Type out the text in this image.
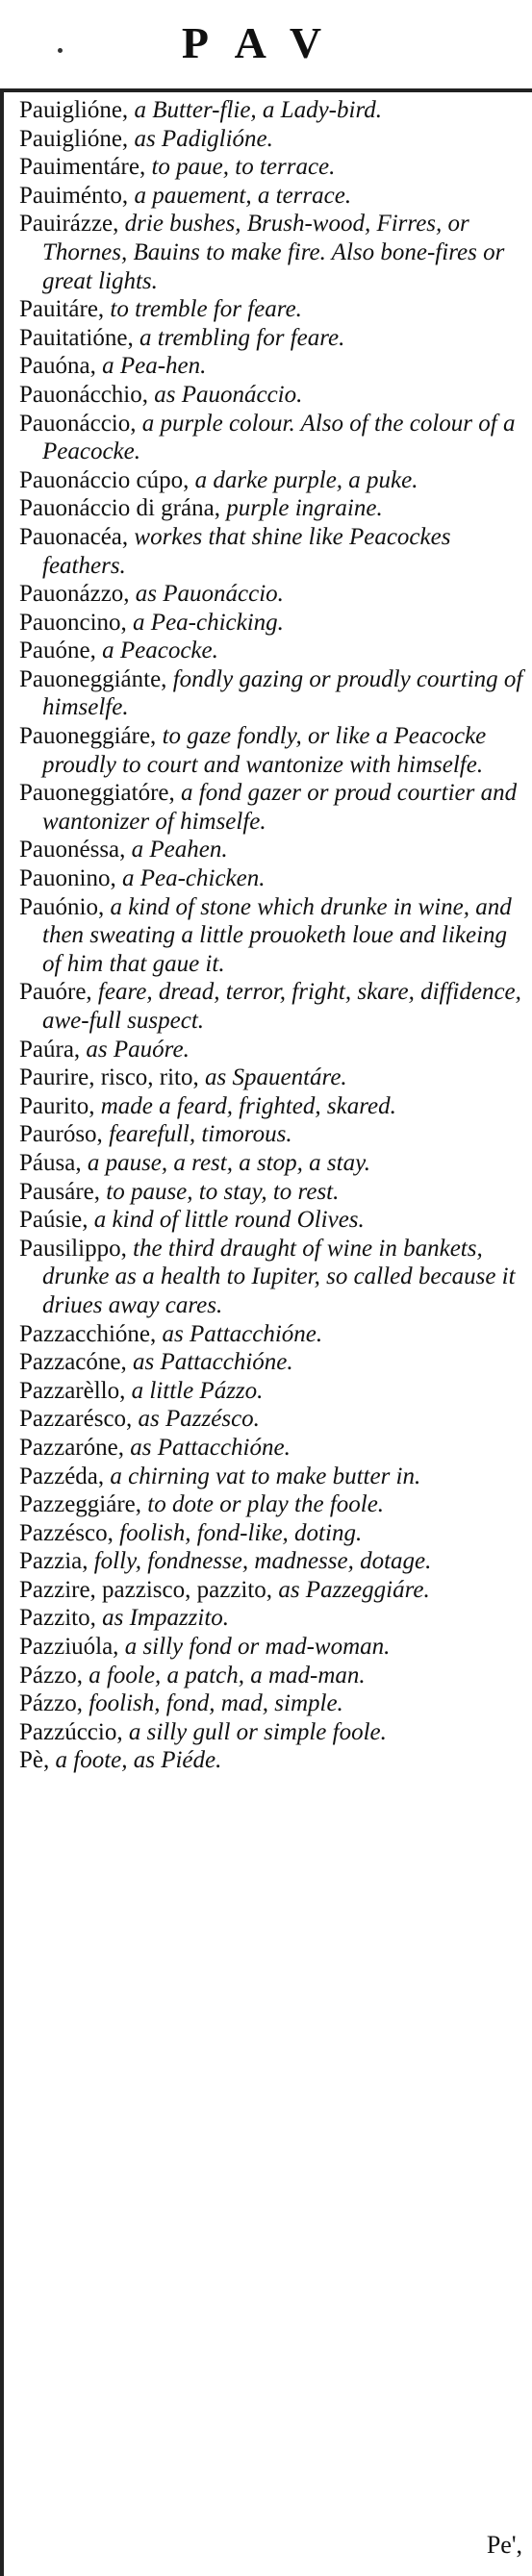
PAV
Pauiglióne, a Butter-flie, a Lady-bird.
Pauiglióne, as Padiglióne.
Pauimentáre, to paue, to terrace.
Pauiménto, a pauement, a terrace.
Pauirázze, drie bushes, Brush-wood, Firres, or Thornes, Bauins to make fire. Also bone-fires or great lights.
Pauitáre, to tremble for feare.
Pauitatióne, a trembling for feare.
Pauóna, a Pea-hen.
Pauonácchio, as Pauonáccio.
Pauonáccio, a purple colour. Also of the colour of a Peacocke.
Pauonáccio cúpo, a darke purple, a puke.
Pauonáccio di grána, purple ingraine.
Pauonacéa, workes that shine like Peacockes feathers.
Pauonázzo, as Pauonáccio.
Pauoncino, a Pea-chicking.
Pauóne, a Peacocke.
Pauoneggiánte, fondly gazing or proudly courting of himselfe.
Pauoneggiáre, to gaze fondly, or like a Peacocke proudly to court and wantonize with himselfe.
Pauoneggiatóre, a fond gazer or proud courtier and wantonizer of himselfe.
Pauonéssa, a Peahen.
Pauonino, a Pea-chicken.
Pauónio, a kind of stone which drunke in wine, and then sweating a little prouoketh loue and likeing of him that gaue it.
Pauóre, feare, dread, terror, fright, skare, diffidence, awe-full suspect.
Paúra, as Pauóre.
Paurire, risco, rito, as Spauentáre.
Paurito, made a feard, frighted, skared.
Pauróso, fearefull, timorous.
Páusa, a pause, a rest, a stop, a stay.
Pausáre, to pause, to stay, to rest.
Paúsie, a kind of little round Olives.
Pausilippo, the third draught of wine in bankets, drunke as a health to Iupiter, so called because it driues away cares.
Pazzacchióne, as Pattacchióne.
Pazzacóne, as Pattacchióne.
Pazzarèllo, a little Pázzo.
Pazzarésco, as Pazzésco.
Pazzaróne, as Pattacchióne.
Pazzéda, a chirning vat to make butter in.
Pazzeggiáre, to dote or play the foole.
Pazzésco, foolish, fond-like, doting.
Pazzia, folly, fondnesse, madnesse, dotage.
Pazzire, pazzisco, pazzito, as Pazzeggiáre.
Pazzito, as Impazzito.
Pazziuóla, a silly fond or mad-woman.
Pázzo, a foole, a patch, a mad-man.
Pázzo, foolish, fond, mad, simple.
Pazzúccio, a silly gull or simple foole.
Pè, a foote, as Piéde.
Pe',
